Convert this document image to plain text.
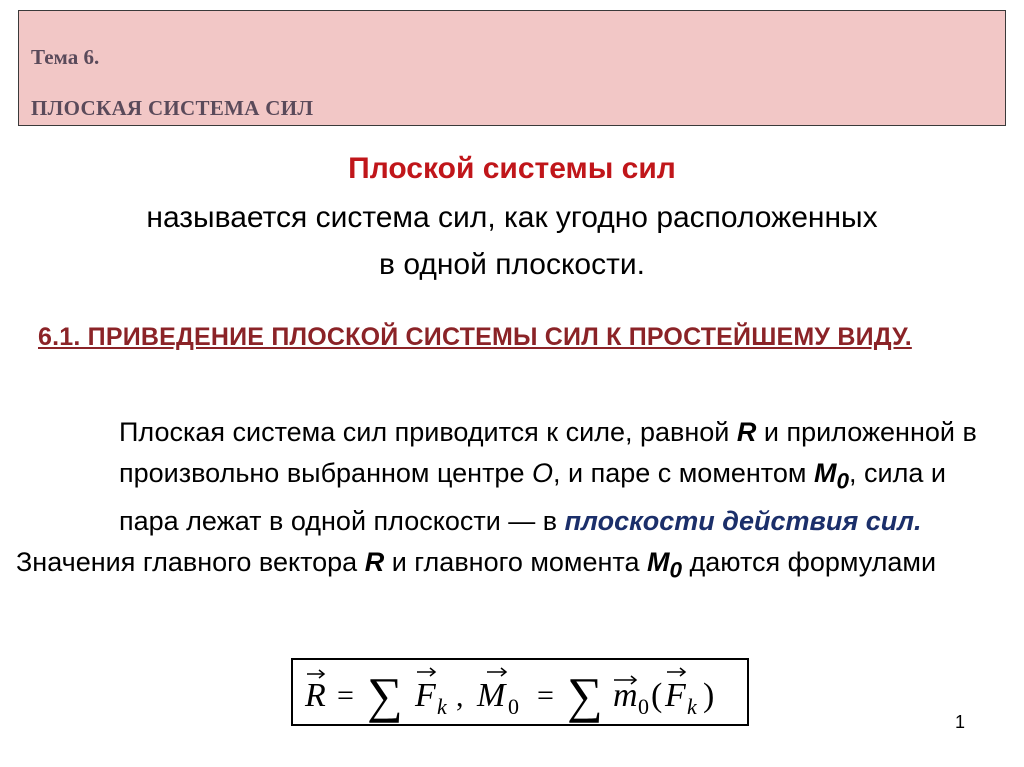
Тема 6.
ПЛОСКАЯ СИСТЕМА СИЛ
Плоской системы сил
называется система сил, как угодно расположенных
в одной плоскости.
6.1. ПРИВЕДЕНИЕ ПЛОСКОЙ СИСТЕМЫ СИЛ К ПРОСТЕЙШЕМУ ВИДУ.
Плоская система сил приводится к силе, равной R и приложенной в произвольно выбранном центре О, и паре с моментом $M_0$, сила и пара лежат в одной плоскости — в плоскости действия сил.
Значения главного вектора R и главного момента $M_0$ даются формулами
R = ∑ F k , M 0 = ∑ m 0 ( F k )
1
